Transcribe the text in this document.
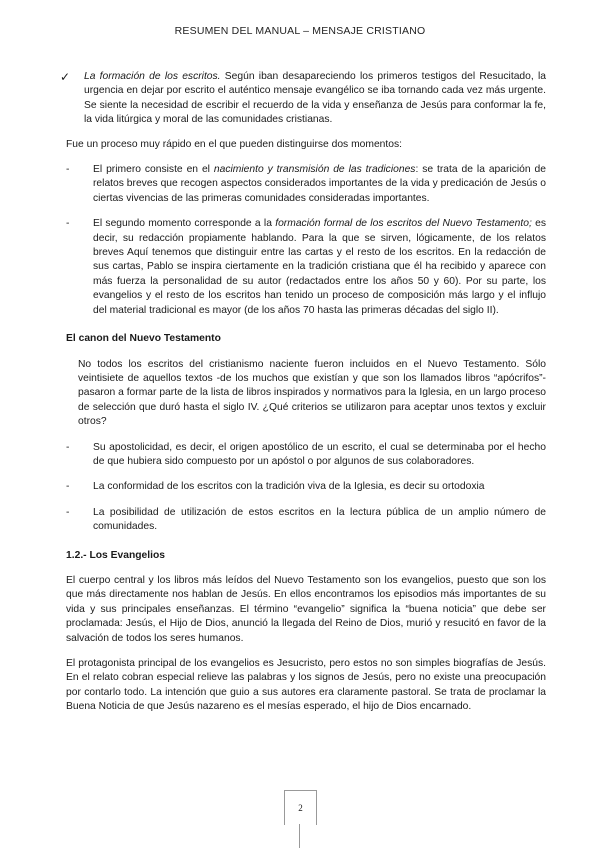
RESUMEN DEL MANUAL – MENSAJE CRISTIANO
✓ La formación de los escritos. Según iban desapareciendo los primeros testigos del Resucitado, la urgencia en dejar por escrito el auténtico mensaje evangélico se iba tornando cada vez más urgente. Se siente la necesidad de escribir el recuerdo de la vida y enseñanza de Jesús para conformar la fe, la vida litúrgica y moral de las comunidades cristianas.

Fue un proceso muy rápido en el que pueden distinguirse dos momentos:

- El primero consiste en el nacimiento y transmisión de las tradiciones: se trata de la aparición de relatos breves que recogen aspectos considerados importantes de la vida y predicación de Jesús o ciertas vivencias de las primeras comunidades consideradas importantes.
- El segundo momento corresponde a la formación formal de los escritos del Nuevo Testamento; es decir, su redacción propiamente hablando. Para la que se sirven, lógicamente, de los relatos breves Aquí tenemos que distinguir entre las cartas y el resto de los escritos. En la redacción de sus cartas, Pablo se inspira ciertamente en la tradición cristiana que él ha recibido y aparece con más fuerza la personalidad de su autor (redactados entre los años 50 y 60). Por su parte, los evangelios y el resto de los escritos han tenido un proceso de composición más largo y el influjo del material tradicional es mayor (de los años 70 hasta las primeras décadas del siglo II).
El canon del Nuevo Testamento

No todos los escritos del cristianismo naciente fueron incluidos en el Nuevo Testamento. Sólo veintisiete de aquellos textos -de los muchos que existían y que son los llamados libros “apócrifos”- pasaron a formar parte de la lista de libros inspirados y normativos para la Iglesia, en un largo proceso de selección que duró hasta el siglo IV. ¿Qué criterios se utilizaron para aceptar unos textos y excluir otros?

- Su apostolicidad, es decir, el origen apostólico de un escrito, el cual se determinaba por el hecho de que hubiera sido compuesto por un apóstol o por algunos de sus colaboradores.
- La conformidad de los escritos con la tradición viva de la Iglesia, es decir su ortodoxia
- La posibilidad de utilización de estos escritos en la lectura pública de un amplio número de comunidades.
1.2.- Los Evangelios

El cuerpo central y los libros más leídos del Nuevo Testamento son los evangelios, puesto que son los que más directamente nos hablan de Jesús. En ellos encontramos los episodios más importantes de su vida y sus principales enseñanzas. El término “evangelio” significa la “buena noticia” que debe ser proclamada: Jesús, el Hijo de Dios, anunció la llegada del Reino de Dios, murió y resucitó en favor de la salvación de todos los seres humanos.

El protagonista principal de los evangelios es Jesucristo, pero estos no son simples biografías de Jesús. En el relato cobran especial relieve las palabras y los signos de Jesús, pero no existe una preocupación por contarlo todo. La intención que guio a sus autores era claramente pastoral. Se trata de proclamar la Buena Noticia de que Jesús nazareno es el mesías esperado, el hijo de Dios encarnado.

2
